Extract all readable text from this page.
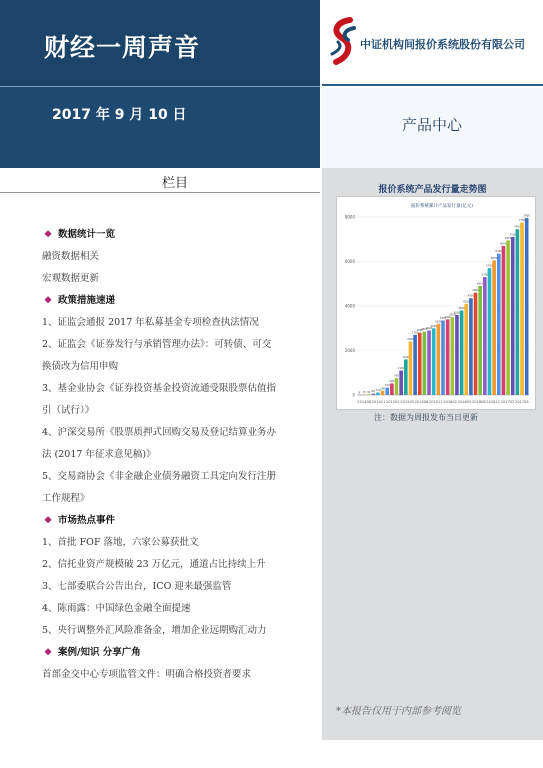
财经一周声音
2017 年 9 月 10 日
中证机构间报价系统股份有限公司
产品中心
栏目
❖ 数据统计一览
融资数据相关
宏观数据更新
❖ 政策措施速递
1、证监会通报 2017 年私募基金专项检查执法情况
2、证监会《证券发行与承销管理办法》：可转债、可交
换债改为信用申购
3、基金业协会《证券投资基金投资流通受限股票估值指
引（试行）》
4、沪深交易所《股票质押式回购交易及登记结算业务办
法 (2017 年征求意见稿)》
5、交易商协会《非金融企业债务融资工具定向发行注册
工作规程》
❖ 市场热点事件
1、首批 FOF 落地，六家公募获批文
2、信托业资产规模破 23 万亿元，通道占比持续上升
3、七部委联合公告出台，ICO 迎来最强监管
4、陈雨露：中国绿色金融全面提速
5、央行调整外汇风险准备金，增加企业远期购汇动力
❖ 案例/知识 分享广角
首部金交中心专项监管文件：明确合格投资者要求
报价系统产品发行量走势图
报价系统累计产品发行量(亿元)
0
2000
4000
6000
8000
8 15 30 60 110
190
330
520
760
1100
1600
2400
2700
2800
2850
2900
3000
3200
3350
3400
3500
3600
3800
4100
4350
4600
4900
5300
5700
6050
6350
6700
6950
7100
7450
7750
7950
201408 201411 201502 201505 201508 201511 201602 201605 201608 201611 201702 201705
注：数据为周报发布当日更新
*本报告仅用于内部参考阅览
